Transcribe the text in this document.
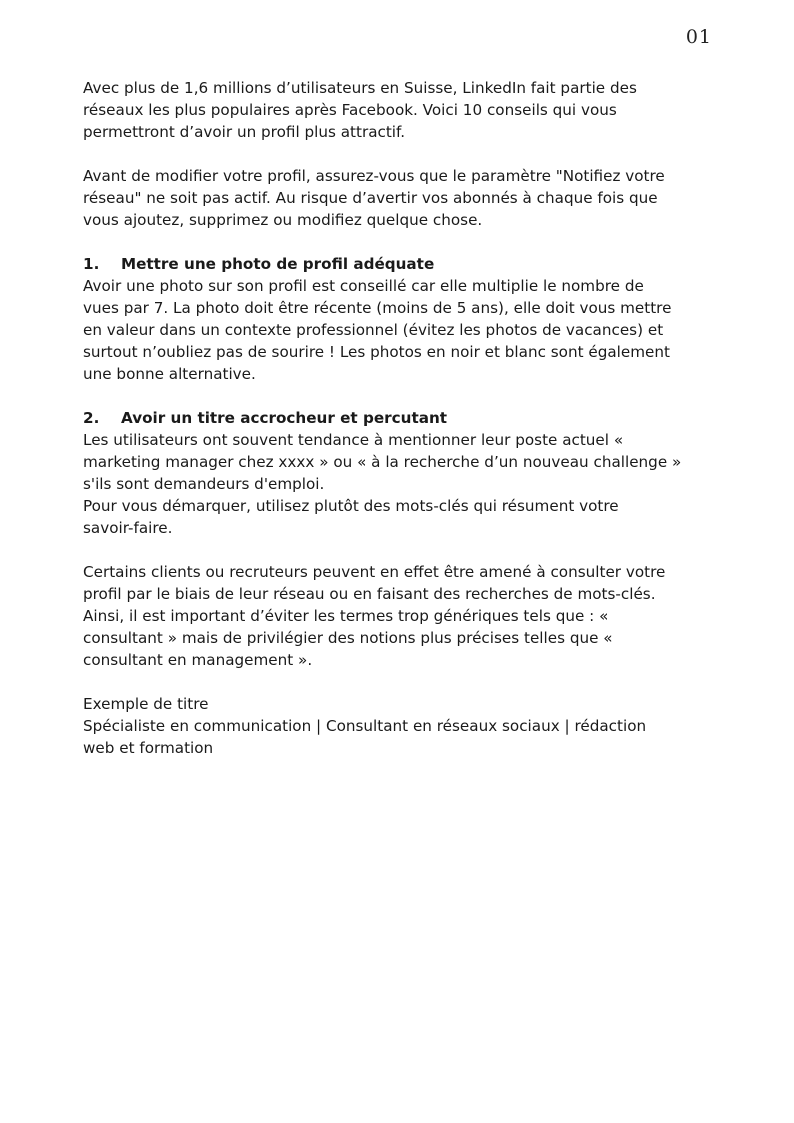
01

Avec plus de 1,6 millions d’utilisateurs en Suisse, LinkedIn fait partie des

réseaux les plus populaires après Facebook. Voici 10 conseils qui vous

permettront d’avoir un profil plus attractif.

Avant de modifier votre profil, assurez-vous que le paramètre "Notifiez votre

réseau" ne soit pas actif. Au risque d’avertir vos abonnés à chaque fois que

vous ajoutez, supprimez ou modifiez quelque chose.

1.	Mettre une photo de profil adéquate

Avoir une photo sur son profil est conseillé car elle multiplie le nombre de

vues par 7. La photo doit être récente (moins de 5 ans), elle doit vous mettre

en valeur dans un contexte professionnel (évitez les photos de vacances) et

surtout n’oubliez pas de sourire ! Les photos en noir et blanc sont également

une bonne alternative.

2.	Avoir un titre accrocheur et percutant

Les utilisateurs ont souvent tendance à mentionner leur poste actuel «

marketing manager chez xxxx » ou « à la recherche d’un nouveau challenge »

s'ils sont demandeurs d'emploi.

Pour vous démarquer, utilisez plutôt des mots-clés qui résument votre

savoir-faire.

Certains clients ou recruteurs peuvent en effet être amené à consulter votre

profil par le biais de leur réseau ou en faisant des recherches de mots-clés.

Ainsi, il est important d’éviter les termes trop génériques tels que : «

consultant » mais de privilégier des notions plus précises telles que «

consultant en management ».

Exemple de titre

Spécialiste en communication | Consultant en réseaux sociaux | rédaction

web et formation
